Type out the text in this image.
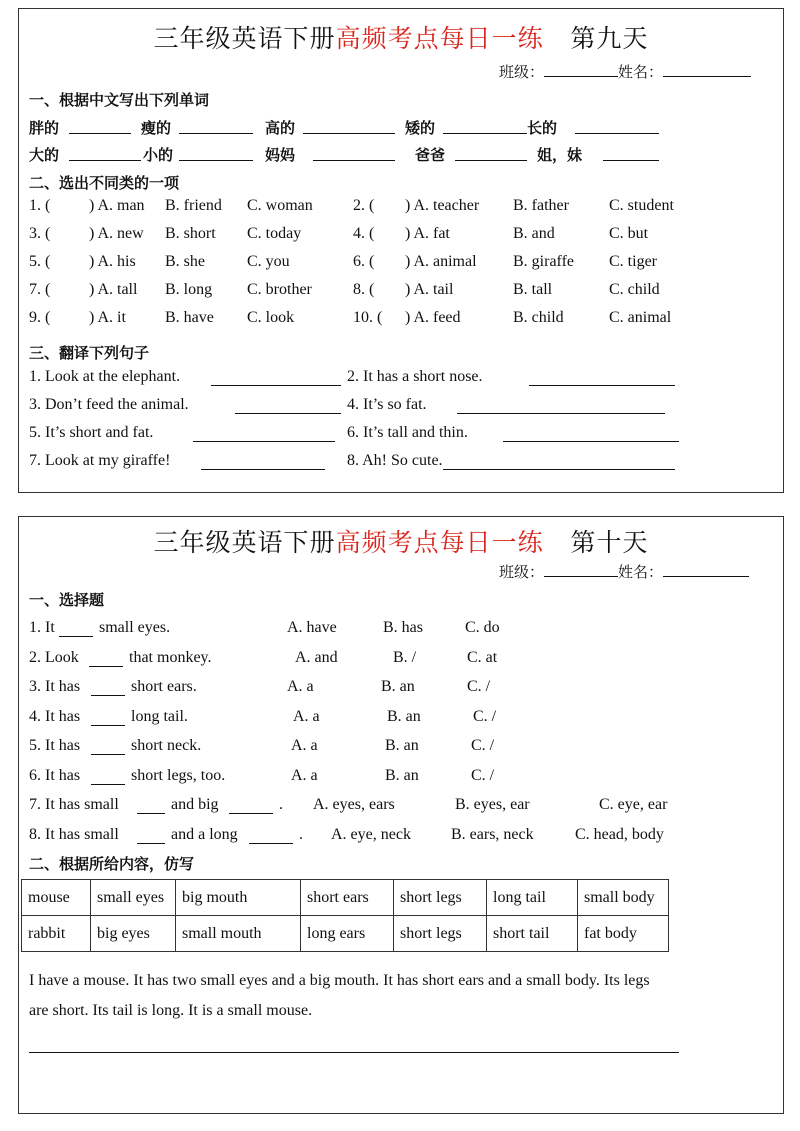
三年级英语下册高频考点每日一练 第九天
班级：	姓名：
一、根据中文写出下列单词
胖的	瘦的	高的	矮的	长的
大的	小的	妈妈	爸爸	姐，妹
二、选出不同类的一项
1. ( ) A. man B. friend C. woman	2. ( ) A. teacher B. father	C. student
3. ( ) A. new B. short C. today	4. ( ) A. fat	B. and	C. but
5. ( ) A. his B. she	C. you	6. ( ) A. animal B. giraffe C. tiger
7. ( ) A. tall B. long C. brother	8. ( ) A. tail	B. tall	C. child
9. ( ) A. it B. have C. look	10. ( ) A. feed	B. child	C. animal
三、翻译下列句子
1. Look at the elephant.	2. It has a short nose.
3. Don’t feed the animal.	4. It’s so fat.
5. It’s short and fat.	6. It’s tall and thin.
7. Look at my giraffe!	8. Ah! So cute.
三年级英语下册高频考点每日一练 第十天
班级：	姓名：
一、选择题
1. It	small eyes.	A. have	B. has	C. do
2. Look	that monkey.	A. and	B. /	C. at
3. It has	short ears.	A. a	B. an	C. /
4. It has	long tail.	A. a	B. an	C. /
5. It has	short neck.	A. a	B. an	C. /
6. It has	short legs, too.	A. a	B. an	C. /
7. It has small	and big	. A. eyes, ears	B. eyes, ear	C. eye, ear
8. It has small	and a long	. A. eye, neck	B. ears, neck	C. head, body
二、根据所给内容，仿写
mouse	small eyes	big mouth	short ears	short legs	long tail	small body
rabbit	big eyes	small mouth	long ears	short legs	short tail	fat body
I have a mouse. It has two small eyes and a big mouth. It has short ears and a small body. Its legs
are short. Its tail is long. It is a small mouse.
